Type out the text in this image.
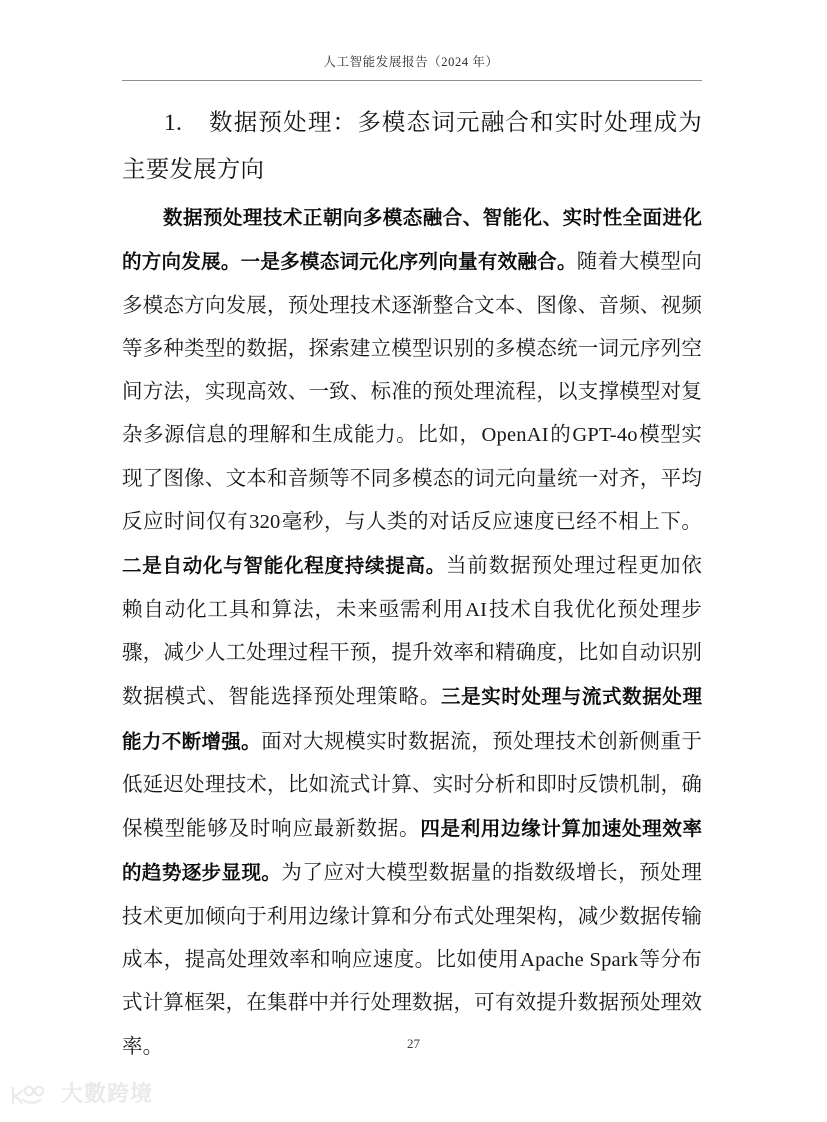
人工智能发展报告（2024 年）
1. 数据预处理：多模态词元融合和实时处理成为主要发展方向

数据预处理技术正朝向多模态融合、智能化、实时性全面进化的方向发展。一是多模态词元化序列向量有效融合。随着大模型向多模态方向发展，预处理技术逐渐整合文本、图像、音频、视频等多种类型的数据，探索建立模型识别的多模态统一词元序列空间方法，实现高效、一致、标准的预处理流程，以支撑模型对复杂多源信息的理解和生成能力。比如，OpenAI的GPT-4o模型实现了图像、文本和音频等不同多模态的词元向量统一对齐，平均反应时间仅有320毫秒，与人类的对话反应速度已经不相上下。二是自动化与智能化程度持续提高。当前数据预处理过程更加依赖自动化工具和算法，未来亟需利用AI技术自我优化预处理步骤，减少人工处理过程干预，提升效率和精确度，比如自动识别数据模式、智能选择预处理策略。三是实时处理与流式数据处理能力不断增强。面对大规模实时数据流，预处理技术创新侧重于低延迟处理技术，比如流式计算、实时分析和即时反馈机制，确保模型能够及时响应最新数据。四是利用边缘计算加速处理效率的趋势逐步显现。为了应对大模型数据量的指数级增长，预处理技术更加倾向于利用边缘计算和分布式处理架构，减少数据传输成本，提高处理效率和响应速度。比如使用Apache Spark等分布式计算框架，在集群中并行处理数据，可有效提升数据预处理效率。	27
大數跨境
